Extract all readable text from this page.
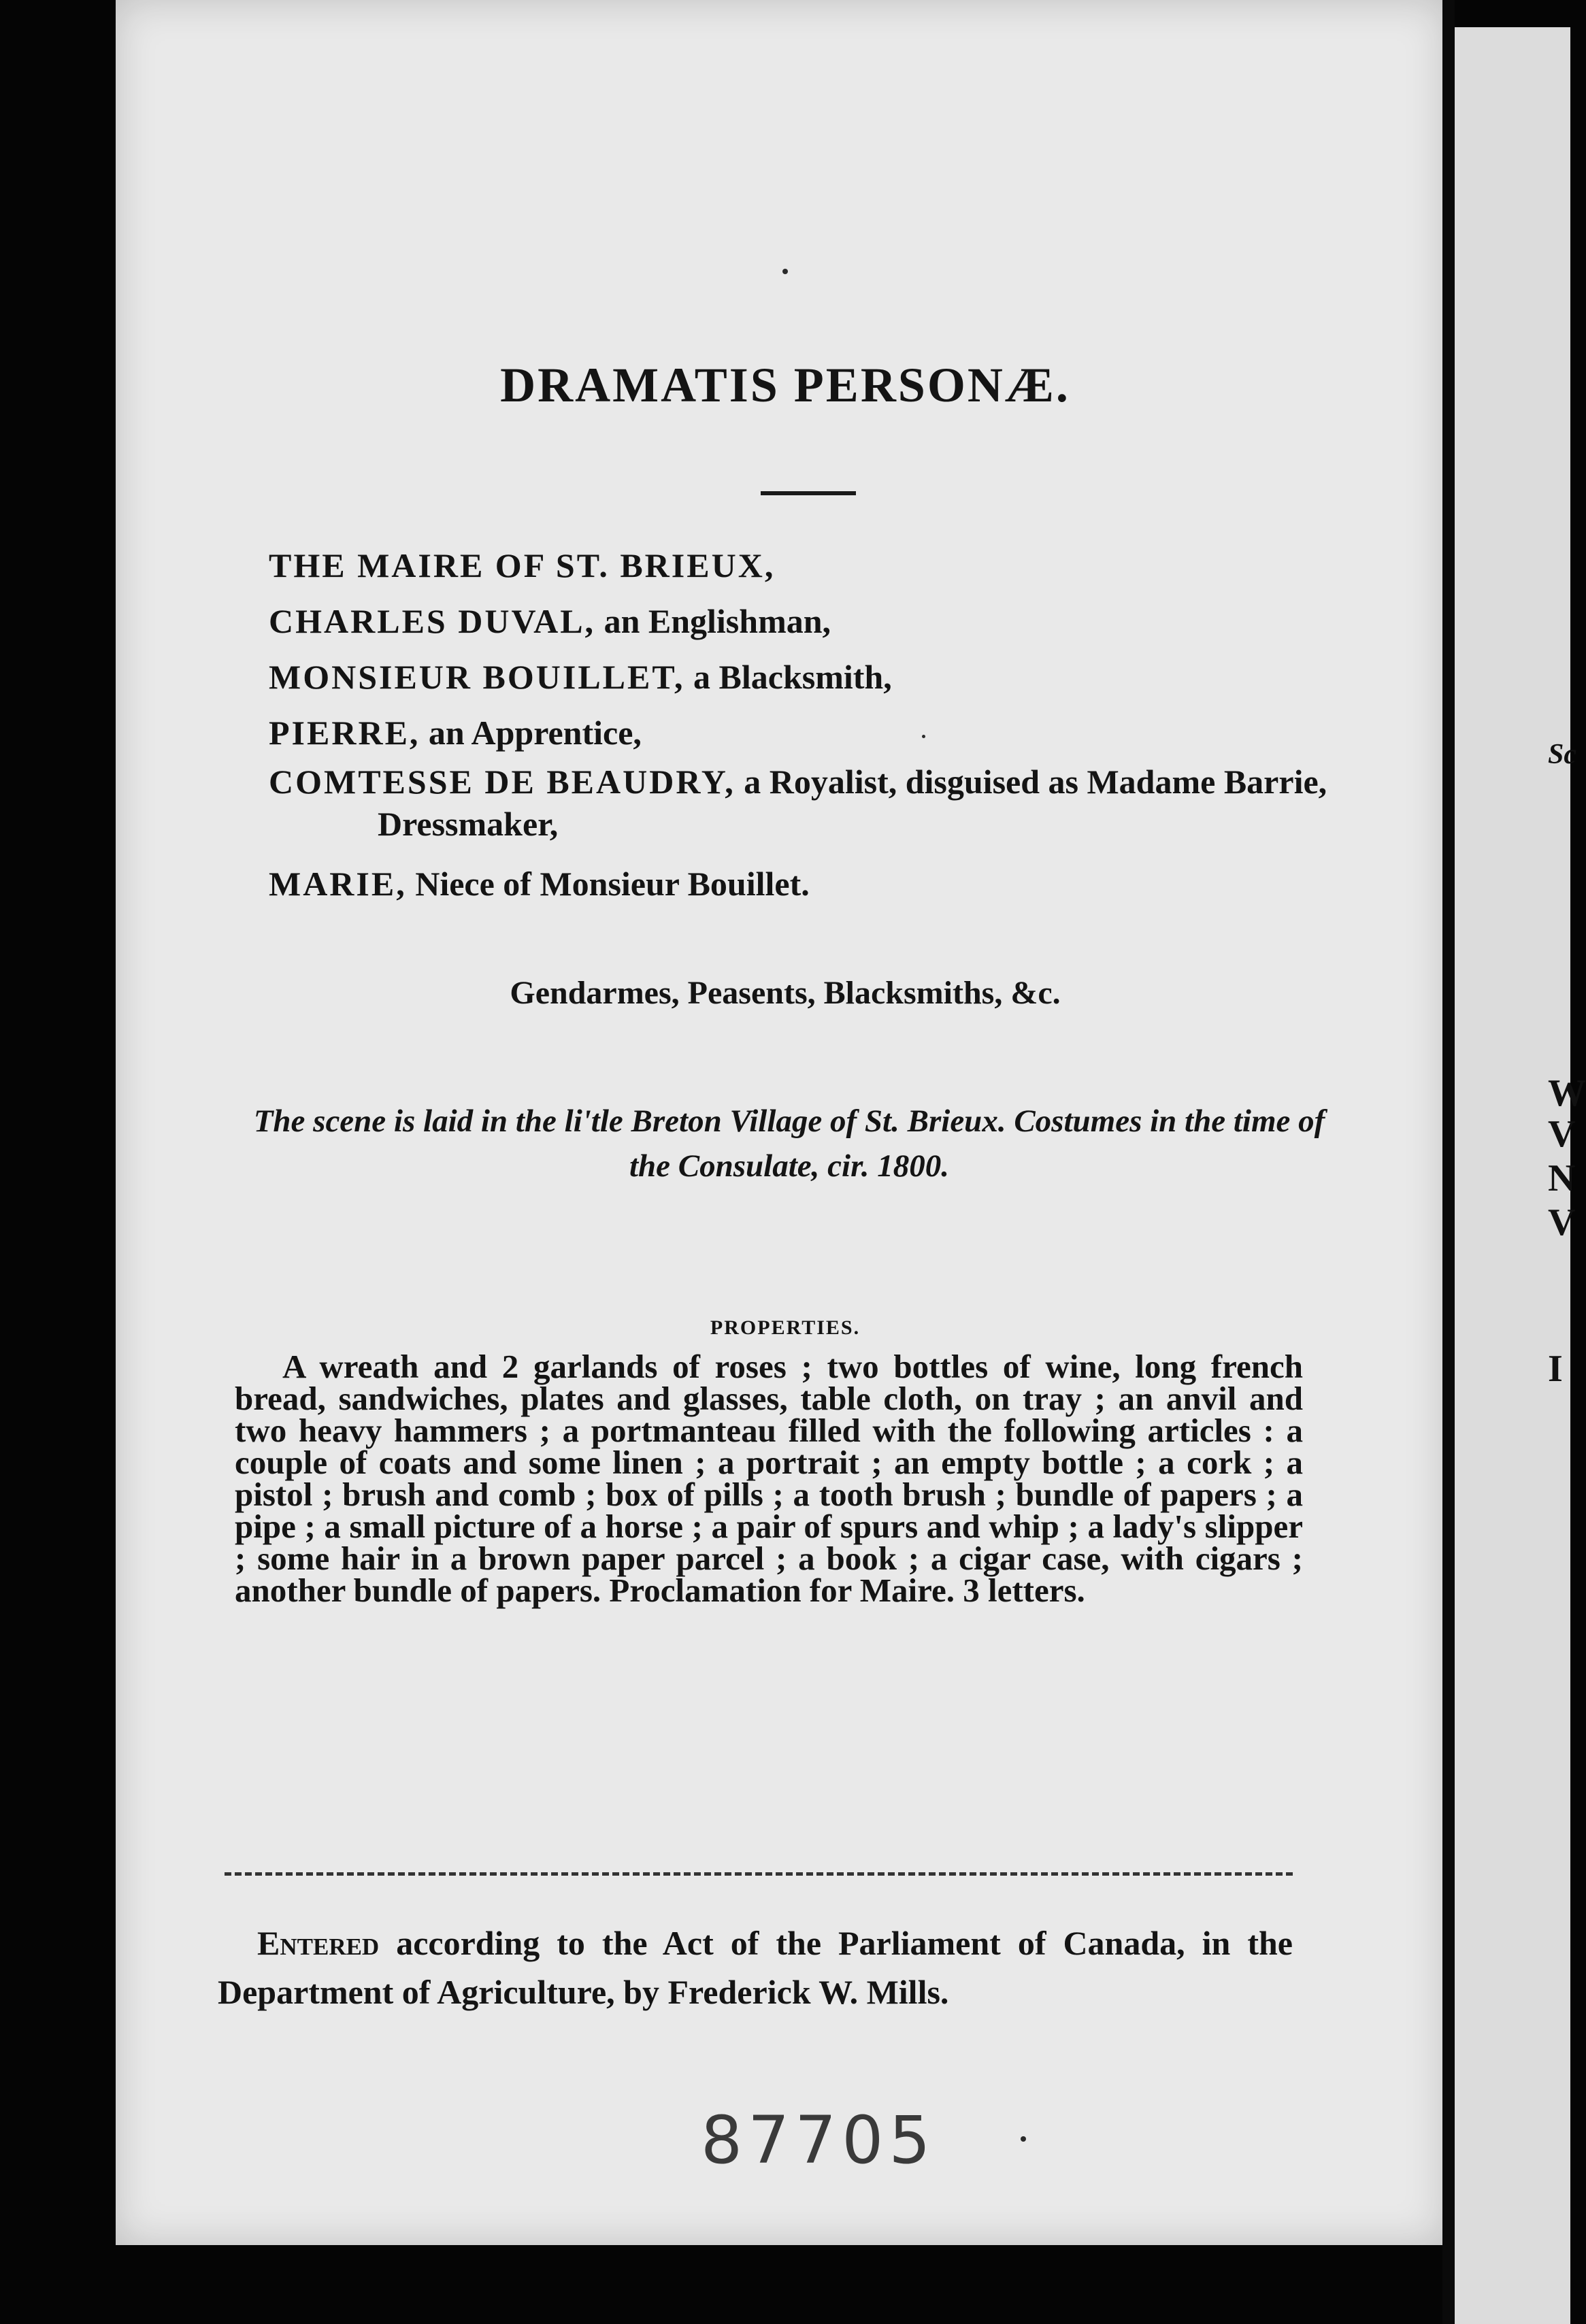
Sc
W
V
N
V
I
DRAMATIS PERSONÆ.
THE MAIRE OF ST. BRIEUX,
CHARLES DUVAL, an Englishman,
MONSIEUR BOUILLET, a Blacksmith,
PIERRE, an Apprentice,
COMTESSE DE BEAUDRY, a Royalist, disguised as Madame Barrie, Dressmaker,
MARIE, Niece of Monsieur Bouillet.
Gendarmes, Peasents, Blacksmiths, &c.
The scene is laid in the li'tle Breton Village of St. Brieux. Costumes in the time of the Consulate, cir. 1800.
PROPERTIES.

A wreath and 2 garlands of roses ; two bottles of wine, long french bread, sandwiches, plates and glasses, table cloth, on tray ; an anvil and two heavy hammers ; a portmanteau filled with the following articles : a couple of coats and some linen ; a portrait ; an empty bottle ; a cork ; a pistol ; brush and comb ; box of pills ; a tooth brush ; bundle of papers ; a pipe ; a small picture of a horse ; a pair of spurs and whip ; a lady's slipper ; some hair in a brown paper parcel ; a book ; a cigar case, with cigars ; another bundle of papers. Proclamation for Maire. 3 letters.

Entered according to the Act of the Parliament of Canada, in the Department of Agriculture, by Frederick W. Mills.

87705
